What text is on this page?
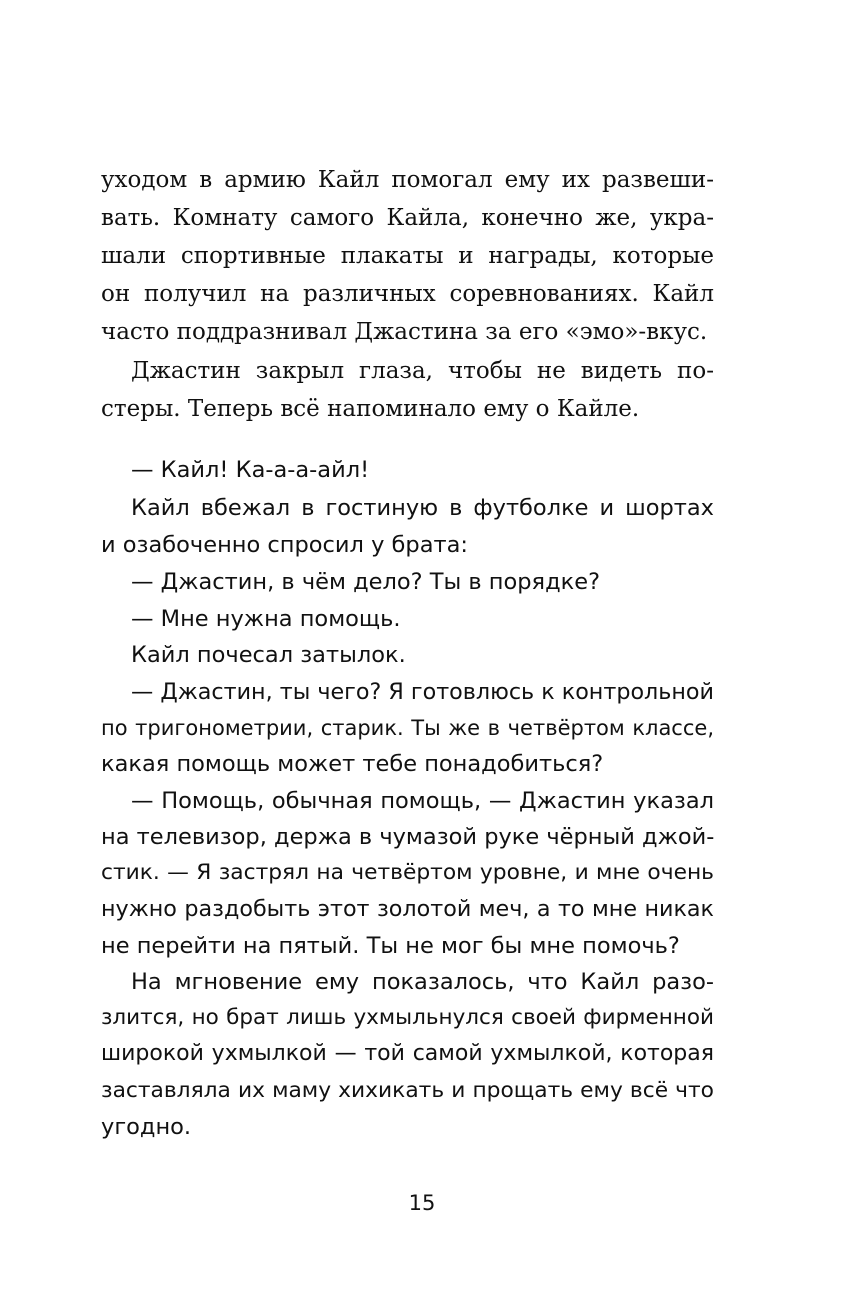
уходом в армию Кайл помогал ему их развеши-
вать. Комнату самого Кайла, конечно же, укра-
шали спортивные плакаты и награды, которые
он получил на различных соревнованиях. Кайл
часто поддразнивал Джастина за его «эмо»-вкус.
Джастин закрыл глаза, чтобы не видеть по-
стеры. Теперь всё напоминало ему о Кайле.
— Кайл! Ка-а-а-айл!
Кайл вбежал в гостиную в футболке и шортах
и озабоченно спросил у брата:
— Джастин, в чём дело? Ты в порядке?
— Мне нужна помощь.
Кайл почесал затылок.
— Джастин, ты чего? Я готовлюсь к контрольной
по тригонометрии, старик. Ты же в четвёртом классе,
какая помощь может тебе понадобиться?
— Помощь, обычная помощь, — Джастин указал
на телевизор, держа в чумазой руке чёрный джой-
стик. — Я застрял на четвёртом уровне, и мне очень
нужно раздобыть этот золотой меч, а то мне никак
не перейти на пятый. Ты не мог бы мне помочь?
На мгновение ему показалось, что Кайл разо-
злится, но брат лишь ухмыльнулся своей фирменной
широкой ухмылкой — той самой ухмылкой, которая
заставляла их маму хихикать и прощать ему всё что
угодно.
15
